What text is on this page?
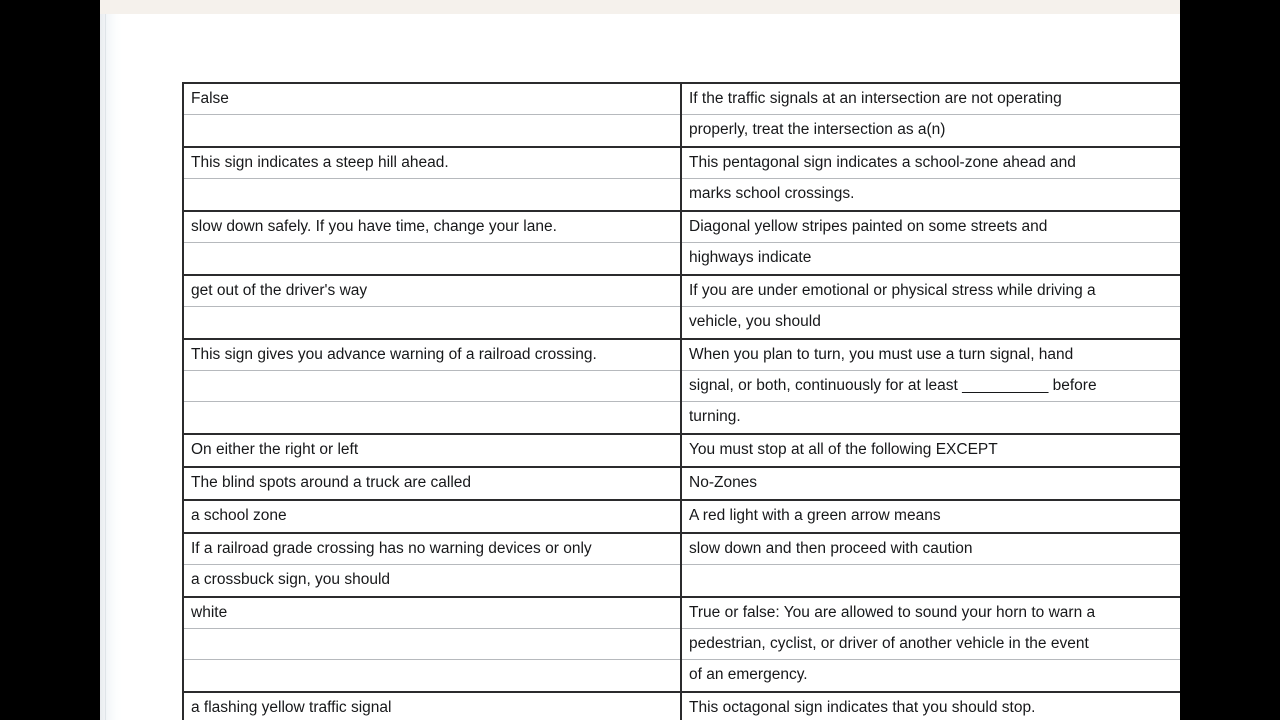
False	If the traffic signals at an intersection are not operating
properly, treat the intersection as a(n)

This sign indicates a steep hill ahead.	This pentagonal sign indicates a school-zone ahead and
marks school crossings.

slow down safely. If you have time, change your lane.	Diagonal yellow stripes painted on some streets and
highways indicate

get out of the driver's way	If you are under emotional or physical stress while driving a
vehicle, you should

This sign gives you advance warning of a railroad crossing.	When you plan to turn, you must use a turn signal, hand
signal, or both, continuously for at least __________ before
turning.

On either the right or left	You must stop at all of the following EXCEPT

The blind spots around a truck are called	No-Zones

a school zone	A red light with a green arrow means

If a railroad grade crossing has no warning devices or only
a crossbuck sign, you should	slow down and then proceed with caution

white	True or false: You are allowed to sound your horn to warn a
pedestrian, cyclist, or driver of another vehicle in the event
of an emergency.

a flashing yellow traffic signal	This octagonal sign indicates that you should stop.
